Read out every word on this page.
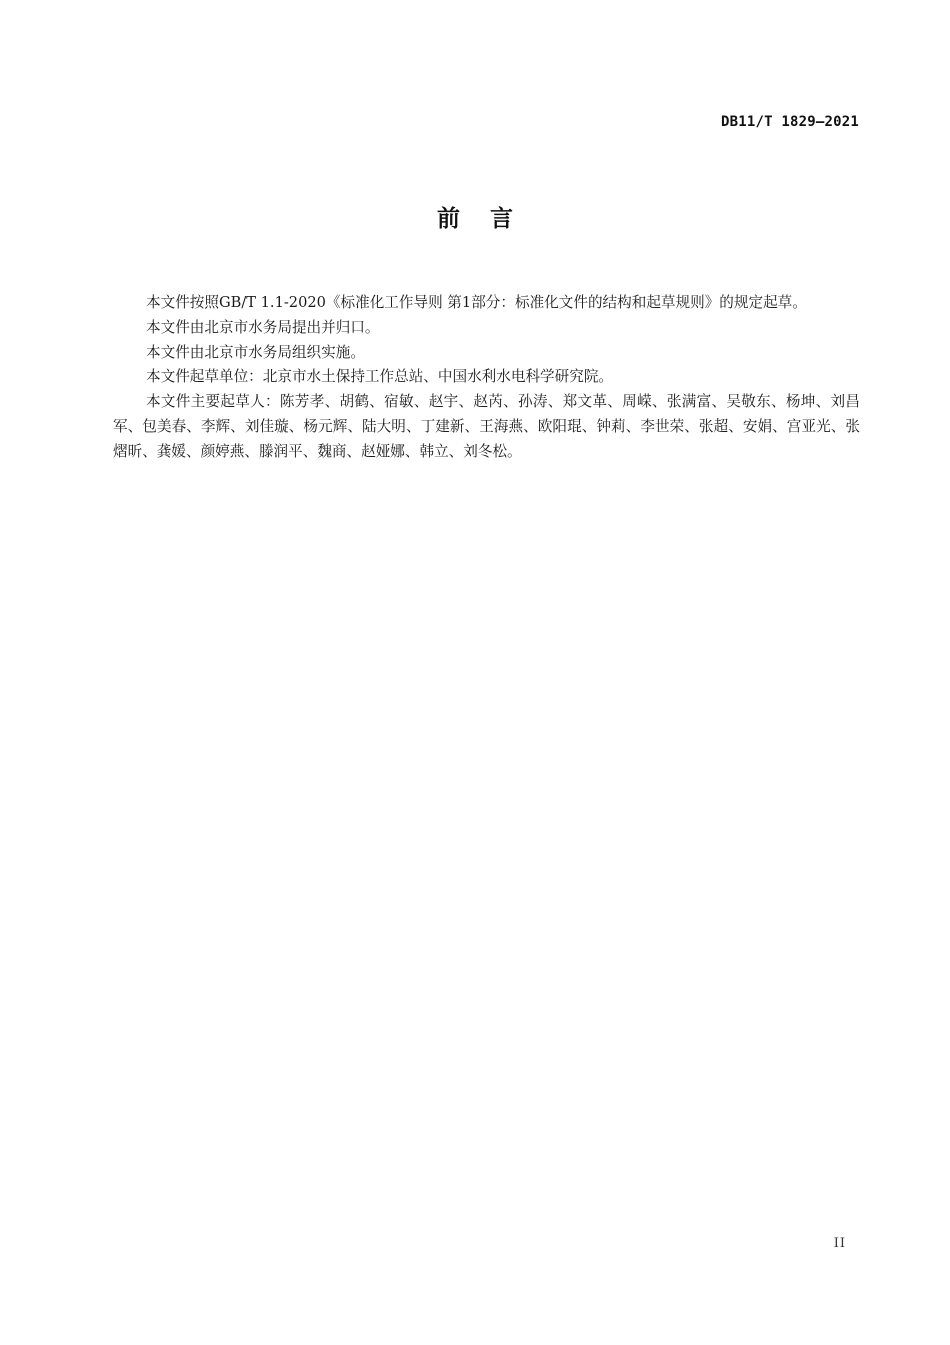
DB11/T 1829—2021
前 言

本文件按照GB/T 1.1-2020《标准化工作导则 第1部分：标准化文件的结构和起草规则》的规定起草。

本文件由北京市水务局提出并归口。

本文件由北京市水务局组织实施。

本文件起草单位：北京市水土保持工作总站、中国水利水电科学研究院。

本文件主要起草人：陈芳孝、胡鹤、宿敏、赵宇、赵芮、孙涛、郑文革、周嵘、张满富、吴敬东、杨坤、刘昌军、包美春、李辉、刘佳璇、杨元辉、陆大明、丁建新、王海燕、欧阳琨、钟莉、李世荣、张超、安娟、宫亚光、张熠昕、龚媛、颜婷燕、滕润平、魏商、赵娅娜、韩立、刘冬松。

II
